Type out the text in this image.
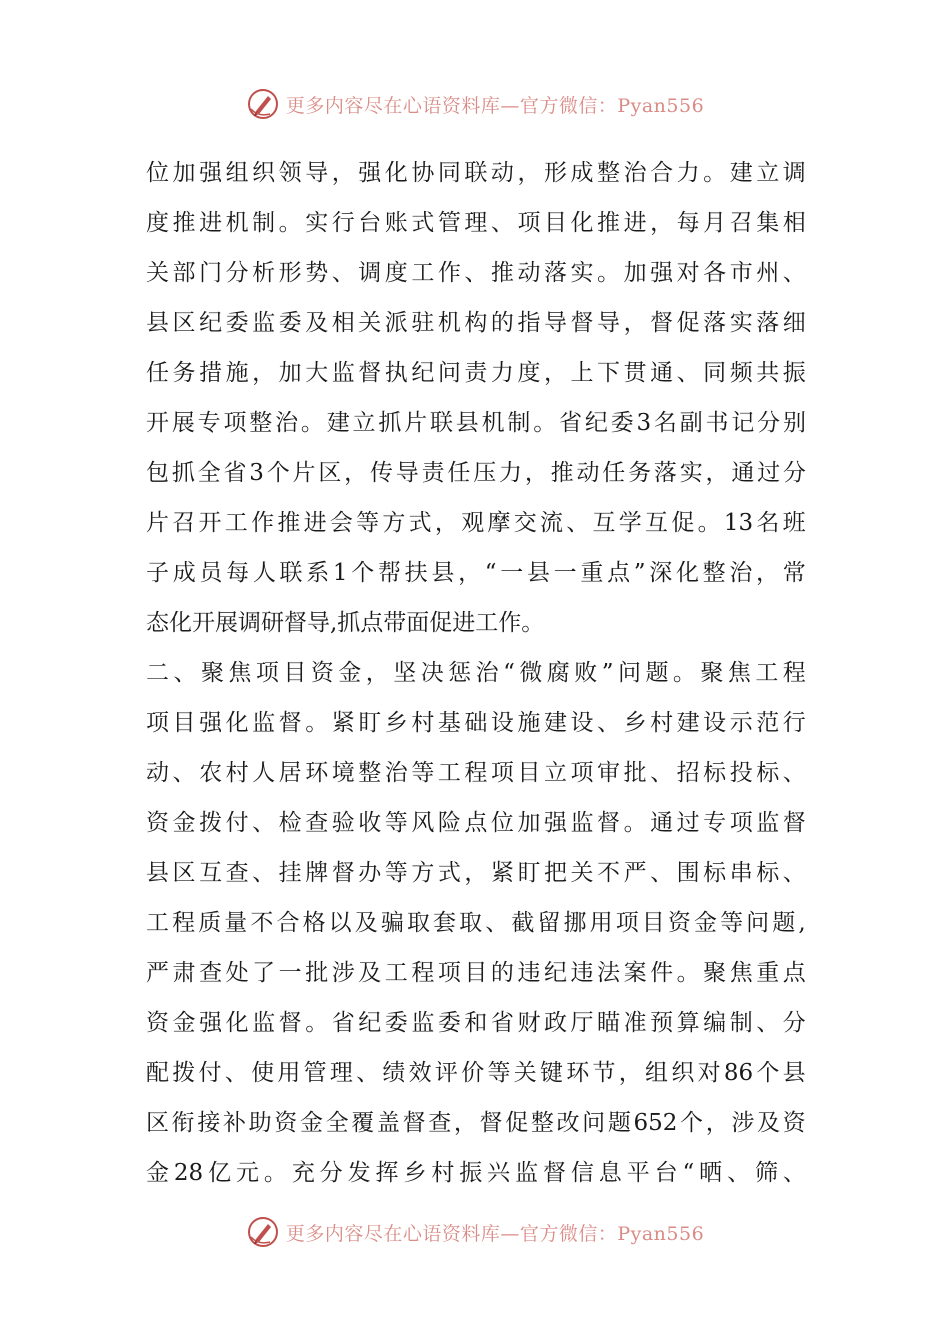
更多内容尽在心语资料库—官方微信：Pyan556
位 加 强 组 织 领 导 ， 强 化 协 同 联 动 ， 形 成 整 治 合 力 。 建 立 调
度 推 进 机 制 。 实 行 台 账 式 管 理 、 项 目 化 推 进 ， 每 月 召 集 相
关 部 门 分 析 形 势 、 调 度 工 作 、 推 动 落 实 。 加 强 对 各 市 州 、
县 区 纪 委 监 委 及 相 关 派 驻 机 构 的 指 导 督 导 ， 督 促 落 实 落 细
任 务 措 施 ， 加 大 监 督 执 纪 问 责 力 度 ， 上 下 贯 通 、 同 频 共 振
开 展 专 项 整 治 。 建 立 抓 片 联 县 机 制 。 省 纪 委 3 名 副 书 记 分 别
包 抓 全 省 3 个 片 区 ， 传 导 责 任 压 力 ， 推 动 任 务 落 实 ， 通 过 分
片 召 开 工 作 推 进 会 等 方 式 ， 观 摩 交 流 、 互 学 互 促 。 13 名 班
子 成 员 每 人 联 系 1 个 帮 扶 县 ， “ 一 县 一 重 点 ” 深 化 整 治 ， 常
态化开展调研督导,抓点带面促进工作。
二 、 聚 焦 项 目 资 金 ， 坚 决 惩 治 “ 微 腐 败 ” 问 题 。 聚 焦 工 程
项 目 强 化 监 督 。 紧 盯 乡 村 基 础 设 施 建 设 、 乡 村 建 设 示 范 行
动 、 农 村 人 居 环 境 整 治 等 工 程 项 目 立 项 审 批 、 招 标 投 标 、
资 金 拨 付 、 检 查 验 收 等 风 险 点 位 加 强 监 督 。 通 过 专 项 监 督
县 区 互 查 、 挂 牌 督 办 等 方 式 ， 紧 盯 把 关 不 严 、 围 标 串 标 、
工 程 质 量 不 合 格 以 及 骗 取 套 取 、 截 留 挪 用 项 目 资 金 等 问 题 ,
严 肃 查 处 了 一 批 涉 及 工 程 项 目 的 违 纪 违 法 案 件 。 聚 焦 重 点
资 金 强 化 监 督 。 省 纪 委 监 委 和 省 财 政 厅 瞄 准 预 算 编 制 、 分
配 拨 付 、 使 用 管 理 、 绩 效 评 价 等 关 键 环 节 ， 组 织 对 86 个 县
区 衔 接 补 助 资 金 全 覆 盖 督 查 ， 督 促 整 改 问 题 652 个 ， 涉 及 资
金 28 亿 元 。 充 分 发 挥 乡 村 振 兴 监 督 信 息 平 台 “ 晒 、 筛 、
更多内容尽在心语资料库—官方微信：Pyan556
